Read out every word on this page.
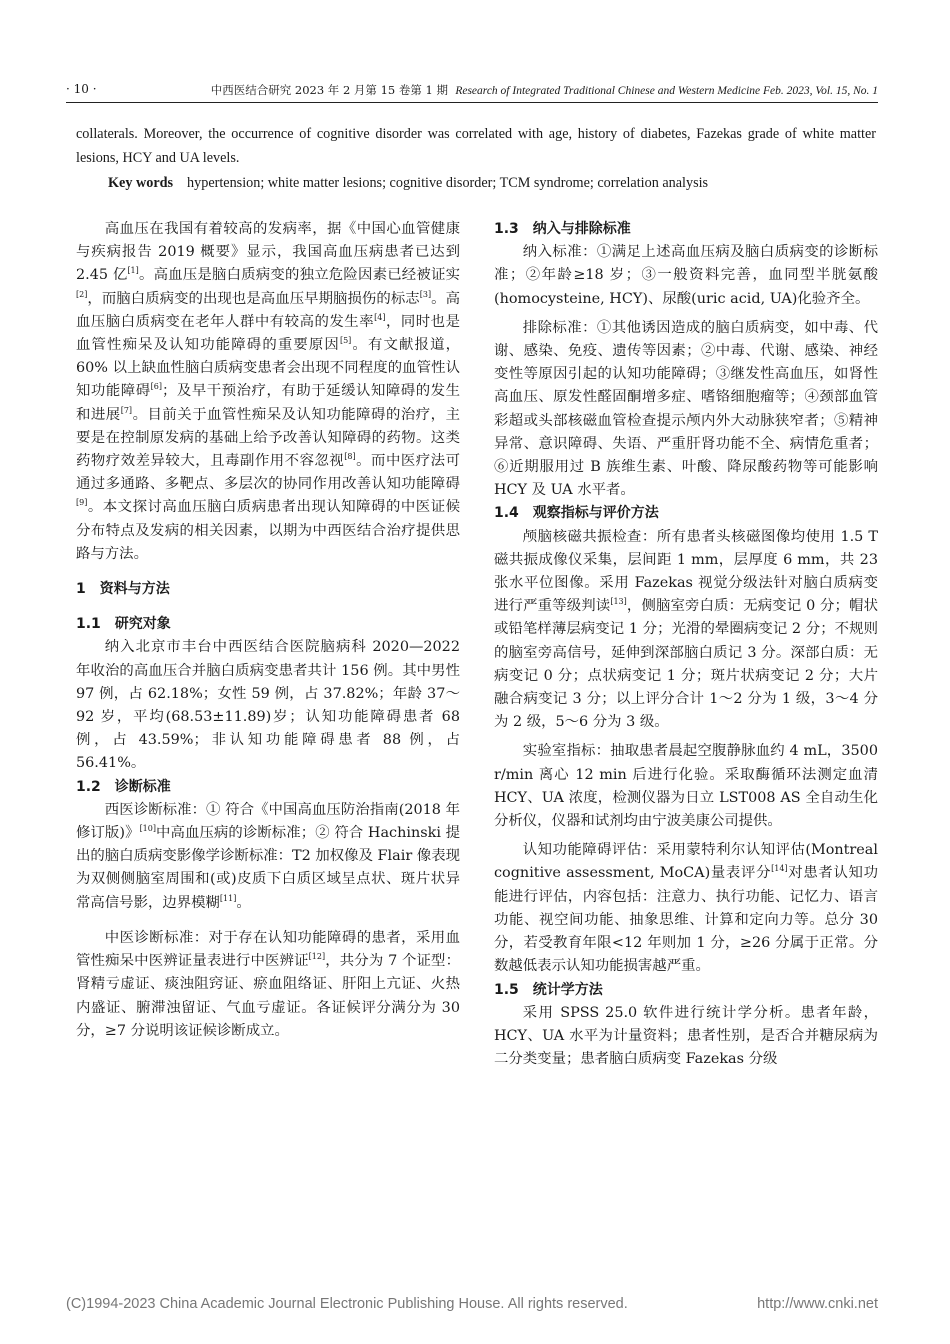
· 10 ·	中西医结合研究 2023 年 2 月第 15 卷第 1 期 Research of Integrated Traditional Chinese and Western Medicine Feb. 2023, Vol. 15, No. 1

collaterals. Moreover, the occurrence of cognitive disorder was correlated with age, history of diabetes, Fazekas grade of white matter lesions, HCY and UA levels.

Key words hypertension; white matter lesions; cognitive disorder; TCM syndrome; correlation analysis

高血压在我国有着较高的发病率，据《中国心血管健康与疾病报告 2019 概要》显示，我国高血压病患者已达到 2.45 亿[1]。高血压是脑白质病变的独立危险因素已经被证实[2]，而脑白质病变的出现也是高血压早期脑损伤的标志[3]。高血压脑白质病变在老年人群中有较高的发生率[4]，同时也是血管性痴呆及认知功能障碍的重要原因[5]。有文献报道，60% 以上缺血性脑白质病变患者会出现不同程度的血管性认知功能障碍[6]；及早干预治疗，有助于延缓认知障碍的发生和进展[7]。目前关于血管性痴呆及认知功能障碍的治疗，主要是在控制原发病的基础上给予改善认知障碍的药物。这类药物疗效差异较大，且毒副作用不容忽视[8]。而中医疗法可通过多通路、多靶点、多层次的协同作用改善认知功能障碍[9]。本文探讨高血压脑白质病患者出现认知障碍的中医证候分布特点及发病的相关因素，以期为中西医结合治疗提供思路与方法。

1　资料与方法

1.1　研究对象

纳入北京市丰台中西医结合医院脑病科 2020—2022 年收治的高血压合并脑白质病变患者共计 156 例。其中男性 97 例，占 62.18%；女性 59 例，占 37.82%；年龄 37～92 岁，平均(68.53±11.89)岁；认知功能障碍患者 68 例，占 43.59%；非认知功能障碍患者 88 例，占 56.41%。

1.2　诊断标准

西医诊断标准：① 符合《中国高血压防治指南(2018 年修订版)》[10]中高血压病的诊断标准；② 符合 Hachinski 提出的脑白质病变影像学诊断标准：T2 加权像及 Flair 像表现为双侧侧脑室周围和(或)皮质下白质区域呈点状、斑片状异常高信号影，边界模糊[11]。

中医诊断标准：对于存在认知功能障碍的患者，采用血管性痴呆中医辨证量表进行中医辨证[12]，共分为 7 个证型：肾精亏虚证、痰浊阻窍证、瘀血阻络证、肝阳上亢证、火热内盛证、腑滞浊留证、气血亏虚证。各证候评分满分为 30 分，≥7 分说明该证候诊断成立。

1.3　纳入与排除标准

纳入标准：①满足上述高血压病及脑白质病变的诊断标准；②年龄≥18 岁；③一般资料完善，血同型半胱氨酸(homocysteine, HCY)、尿酸(uric acid, UA)化验齐全。

排除标准：①其他诱因造成的脑白质病变，如中毒、代谢、感染、免疫、遗传等因素；②中毒、代谢、感染、神经变性等原因引起的认知功能障碍；③继发性高血压，如肾性高血压、原发性醛固酮增多症、嗜铬细胞瘤等；④颈部血管彩超或头部核磁血管检查提示颅内外大动脉狭窄者；⑤精神异常、意识障碍、失语、严重肝肾功能不全、病情危重者；⑥近期服用过 B 族维生素、叶酸、降尿酸药物等可能影响 HCY 及 UA 水平者。

1.4　观察指标与评价方法

颅脑核磁共振检查：所有患者头核磁图像均使用 1.5 T 磁共振成像仪采集，层间距 1 mm，层厚度 6 mm，共 23 张水平位图像。采用 Fazekas 视觉分级法针对脑白质病变进行严重等级判读[13]，侧脑室旁白质：无病变记 0 分；帽状或铅笔样薄层病变记 1 分；光滑的晕圈病变记 2 分；不规则的脑室旁高信号，延伸到深部脑白质记 3 分。深部白质：无病变记 0 分；点状病变记 1 分；斑片状病变记 2 分；大片融合病变记 3 分；以上评分合计 1～2 分为 1 级，3～4 分为 2 级，5～6 分为 3 级。

实验室指标：抽取患者晨起空腹静脉血约 4 mL，3500 r/min 离心 12 min 后进行化验。采取酶循环法测定血清 HCY、UA 浓度，检测仪器为日立 LST008 AS 全自动生化分析仪，仪器和试剂均由宁波美康公司提供。

认知功能障碍评估：采用蒙特利尔认知评估(Montreal cognitive assessment, MoCA)量表评分[14]对患者认知功能进行评估，内容包括：注意力、执行功能、记忆力、语言功能、视空间功能、抽象思维、计算和定向力等。总分 30 分，若受教育年限<12 年则加 1 分，≥26 分属于正常。分数越低表示认知功能损害越严重。

1.5　统计学方法

采用 SPSS 25.0 软件进行统计学分析。患者年龄，HCY、UA 水平为计量资料；患者性别，是否合并糖尿病为二分类变量；患者脑白质病变 Fazekas 分级

(C)1994-2023 China Academic Journal Electronic Publishing House. All rights reserved.	http://www.cnki.net
